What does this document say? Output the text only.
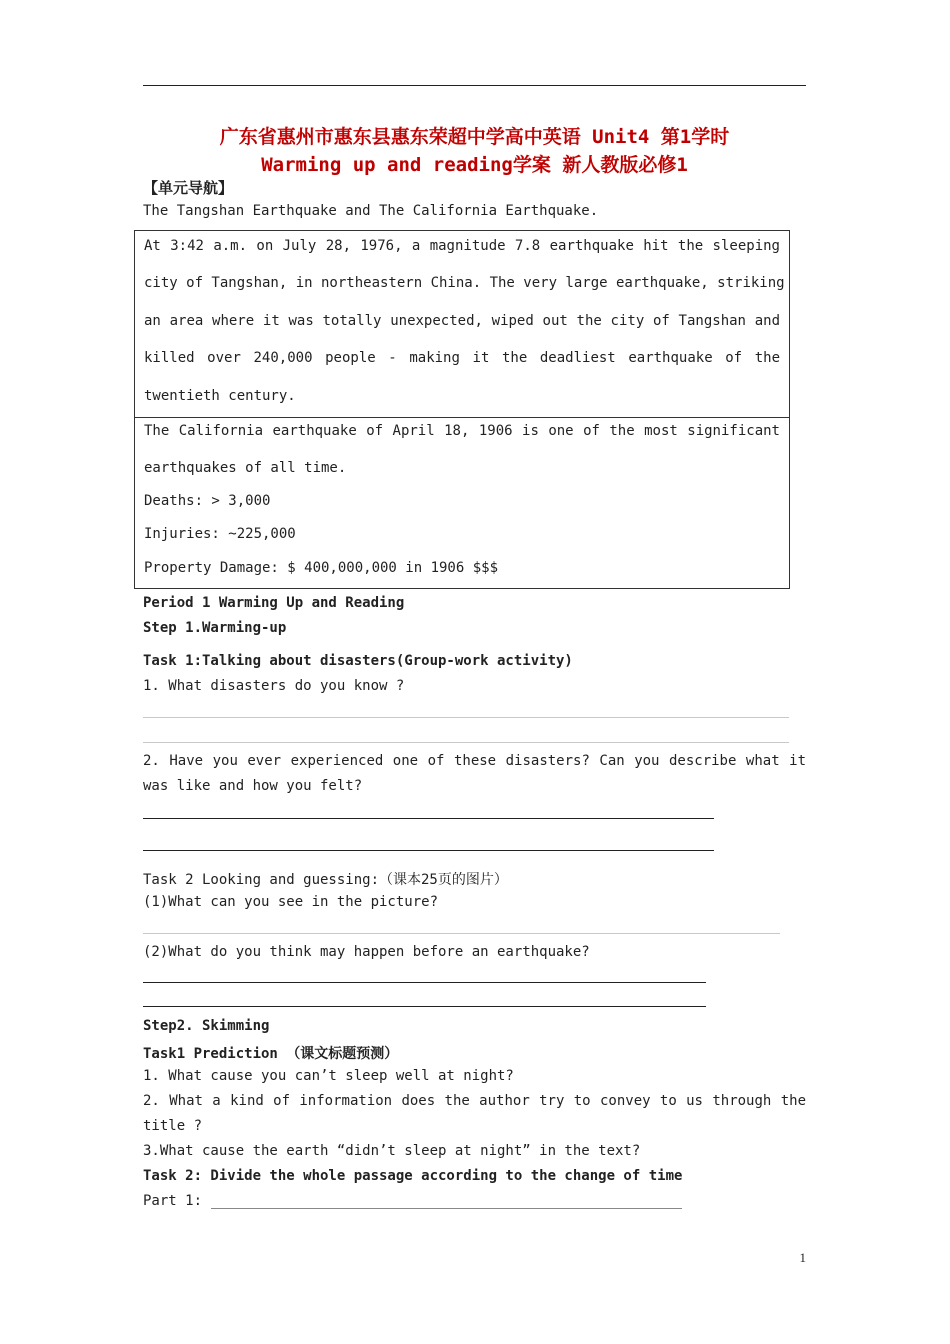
广东省惠州市惠东县惠东荣超中学高中英语 Unit4 第1学时
Warming up and reading学案 新人教版必修1
【单元导航】
The Tangshan Earthquake and The California Earthquake.
At 3:42 a.m. on July 28, 1976, a magnitude 7.8 earthquake hit the sleeping
city of Tangshan, in northeastern China. The very large earthquake, striking
an area where it was totally unexpected, wiped out the city of Tangshan and
killed over 240,000 people - making it the deadliest earthquake of the
twentieth century.
The California earthquake of April 18, 1906 is one of the most significant
earthquakes of all time.
Deaths: > 3,000
Injuries: ~225,000
Property Damage: $ 400,000,000 in 1906 $$$
Period 1 Warming Up and Reading
Step 1.Warming-up
Task 1:Talking about disasters(Group-work activity)
1. What disasters do you know ?
2. Have you ever experienced one of these disasters? Can you describe what it
was like and how you felt?
Task 2 Looking and guessing:（课本25页的图片）
(1)What can you see in the picture?
(2)What do you think may happen before an earthquake?
Step2. Skimming
Task1 Prediction （课文标题预测）
1. What cause you can’t sleep well at night?
2. What a kind of information does the author try to convey to us through the
title ?
3.What cause the earth “didn’t sleep at night” in the text?
Task 2: Divide the whole passage according to the change of time
Part 1:
1
